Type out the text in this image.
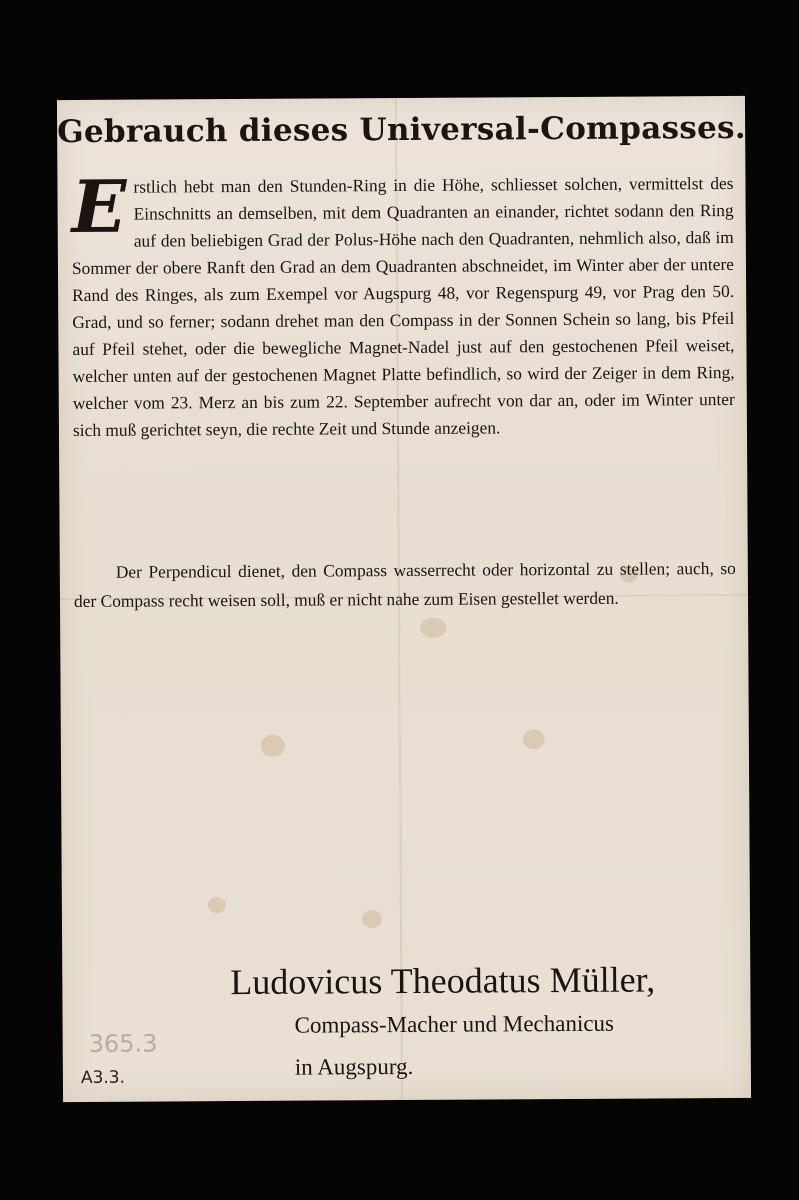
Gebrauch dieses Universal-Compasses.
E rstlich hebt man den Stunden-Ring in die Höhe, schliesset solchen, vermittelst des Einschnitts an demselben, mit dem Quadranten an einander, richtet sodann den Ring auf den beliebigen Grad der Polus-Höhe nach den Quadranten, nehmlich also, daß im Sommer der obere Ranft den Grad an dem Quadranten abschneidet, im Winter aber der untere Rand des Ringes, als zum Exempel vor Augspurg 48, vor Regenspurg 49, vor Prag den 50. Grad, und so ferner; sodann drehet man den Compass in der Sonnen Schein so lang, bis Pfeil auf Pfeil stehet, oder die bewegliche Magnet-Nadel just auf den gestochenen Pfeil weiset, welcher unten auf der gestochenen Magnet Platte befindlich, so wird der Zeiger in dem Ring, welcher vom 23. Merz an bis zum 22. September aufrecht von dar an, oder im Winter unter sich muß gerichtet seyn, die rechte Zeit und Stunde anzeigen.
Der Perpendicul dienet, den Compass wasserrecht oder horizontal zu stellen; auch, so der Compass recht weisen soll, muß er nicht nahe zum Eisen gestellet werden.
Ludovicus Theodatus Müller,
Compass-Macher und Mechanicus
in Augspurg.
365.3
A3.3.
